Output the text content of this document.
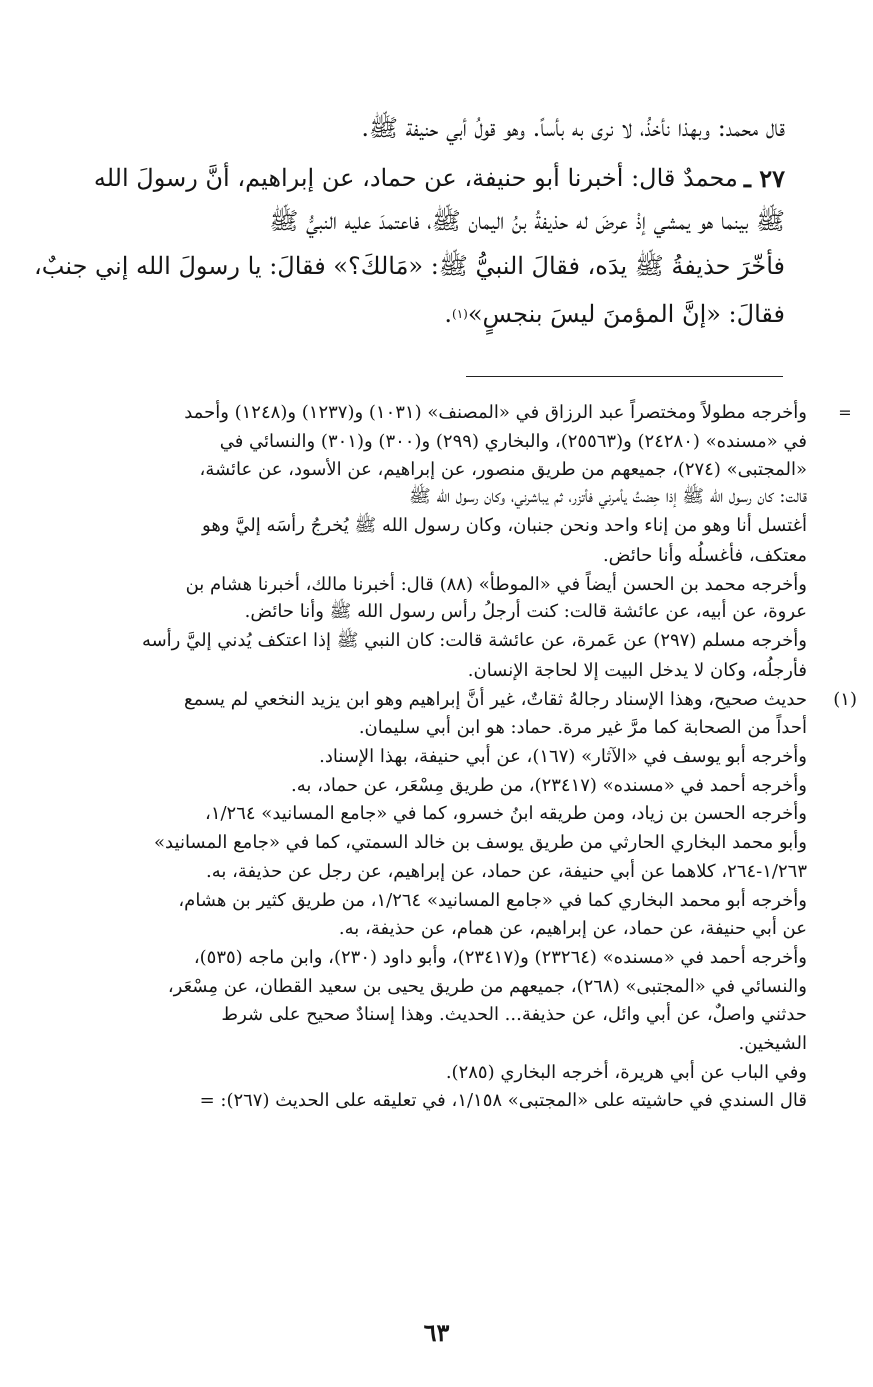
قال محمد: وبهذا نأخذُ، لا نرى به بأساً. وهو قولُ أبي حنيفة ﷺ.
٢٧ ـ
محمدٌ قال: أخبرنا أبو حنيفة، عن حماد، عن إبراهيم، أنَّ رسولَ الله
ﷺ بينما هو يمشي إذْ عرضَ له حذيفةُ بنُ اليمان ﷺ، فاعتمدَ عليه النبيُّ ﷺ
فأخّرَ حذيفةُ ﷺ يدَه، فقالَ النبيُّ ﷺ: «مَالكَ؟» فقالَ: يا رسولَ الله إني جنبٌ،
فقالَ: «إنَّ المؤمنَ ليسَ بنجسٍ»
(١)
.
=
وأخرجه مطولاً ومختصراً عبد الرزاق في «المصنف» (١٠٣١) و(١٢٣٧) و(١٢٤٨) وأحمد
في «مسنده» (٢٤٢٨٠) و(٢٥٥٦٣)، والبخاري (٢٩٩) و(٣٠٠) و(٣٠١) والنسائي في
«المجتبى» (٢٧٤)، جميعهم من طريق منصور، عن إبراهيم، عن الأسود، عن عائشة،
قالت: كان رسول الله ﷺ إذا حِضتُ يأمرني فأتزر، ثم يباشرني، وكان رسول الله ﷺ
أغتسل أنا وهو من إناء واحد ونحن جنبان، وكان رسول الله ﷺ يُخرجُ رأسَه إليَّ وهو
معتكف، فأغسلُه وأنا حائض.
وأخرجه محمد بن الحسن أيضاً في «الموطأ» (٨٨) قال: أخبرنا مالك، أخبرنا هشام بن
عروة، عن أبيه، عن عائشة قالت: كنت أرجلُ رأس رسول الله ﷺ وأنا حائض.
وأخرجه مسلم (٢٩٧) عن عَمرة، عن عائشة قالت: كان النبي ﷺ إذا اعتكف يُدني إليَّ رأسه
فأرجلُه، وكان لا يدخل البيت إلا لحاجة الإنسان.
(١)
حديث صحيح، وهذا الإسناد رجالهُ ثقاتٌ، غير أنَّ إبراهيم وهو ابن يزيد النخعي لم يسمع
أحداً من الصحابة كما مرَّ غير مرة. حماد: هو ابن أبي سليمان.
وأخرجه أبو يوسف في «الآثار» (١٦٧)، عن أبي حنيفة، بهذا الإسناد.
وأخرجه أحمد في «مسنده» (٢٣٤١٧)، من طريق مِسْعَر، عن حماد، به.
وأخرجه الحسن بن زياد، ومن طريقه ابنُ خسرو، كما في «جامع المسانيد» ١/٢٦٤،
وأبو محمد البخاري الحارثي من طريق يوسف بن خالد السمتي، كما في «جامع المسانيد»
١/٢٦٣-٢٦٤، كلاهما عن أبي حنيفة، عن حماد، عن إبراهيم، عن رجل عن حذيفة، به.
وأخرجه أبو محمد البخاري كما في «جامع المسانيد» ١/٢٦٤، من طريق كثير بن هشام،
عن أبي حنيفة، عن حماد، عن إبراهيم، عن همام، عن حذيفة، به.
وأخرجه أحمد في «مسنده» (٢٣٢٦٤) و(٢٣٤١٧)، وأبو داود (٢٣٠)، وابن ماجه (٥٣٥)،
والنسائي في «المجتبى» (٢٦٨)، جميعهم من طريق يحيى بن سعيد القطان، عن مِسْعَر،
حدثني واصلٌ، عن أبي وائل، عن حذيفة... الحديث. وهذا إسنادٌ صحيح على شرط
الشيخين.
وفي الباب عن أبي هريرة، أخرجه البخاري (٢٨٥).
قال السندي في حاشيته على «المجتبى» ١/١٥٨، في تعليقه على الحديث (٢٦٧): =
٦٣
